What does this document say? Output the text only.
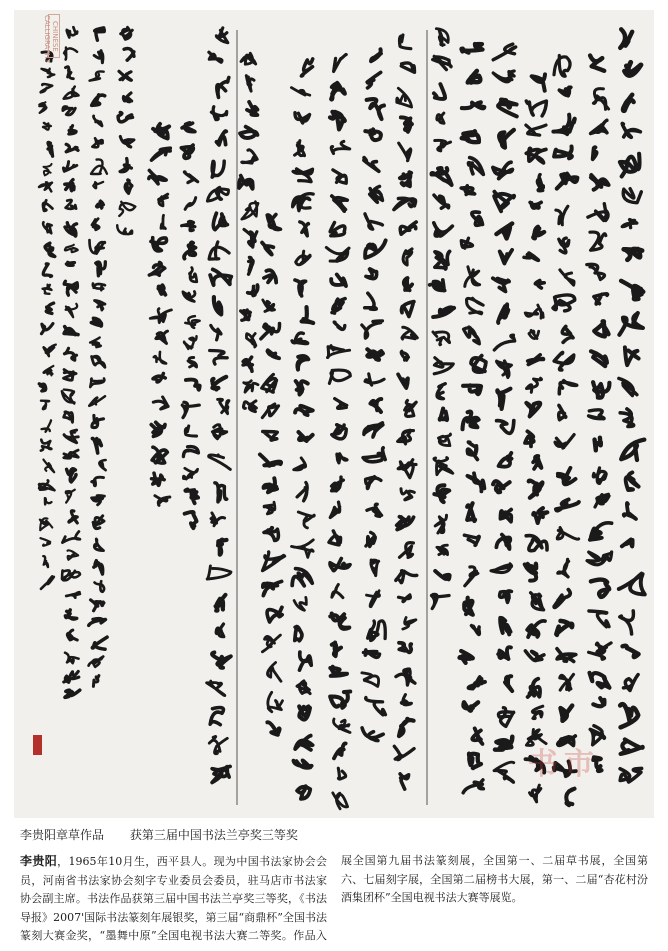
CHINESE CALLIGRAPHY
书 市
李贵阳章草作品 获第三届中国书法兰亭奖三等奖
李贵阳，1965年10月生，西平县人。现为中国书法家协会会员，河南省书法家协会刻字专业委员会委员，驻马店市书法家协会副主席。书法作品获第三届中国书法兰亭奖三等奖，《书法导报》2007'国际书法篆刻年展银奖，第三届“商鼎杯”全国书法篆刻大赛金奖，“墨舞中原”全国电视书法大赛二等奖。作品入展全国第九届书法篆刻展，全国第一、二届草书展，全国第六、七届刻字展，全国第二届榜书大展，第一、二届“杏花村汾酒集团杯”全国电视书法大赛等展览。
